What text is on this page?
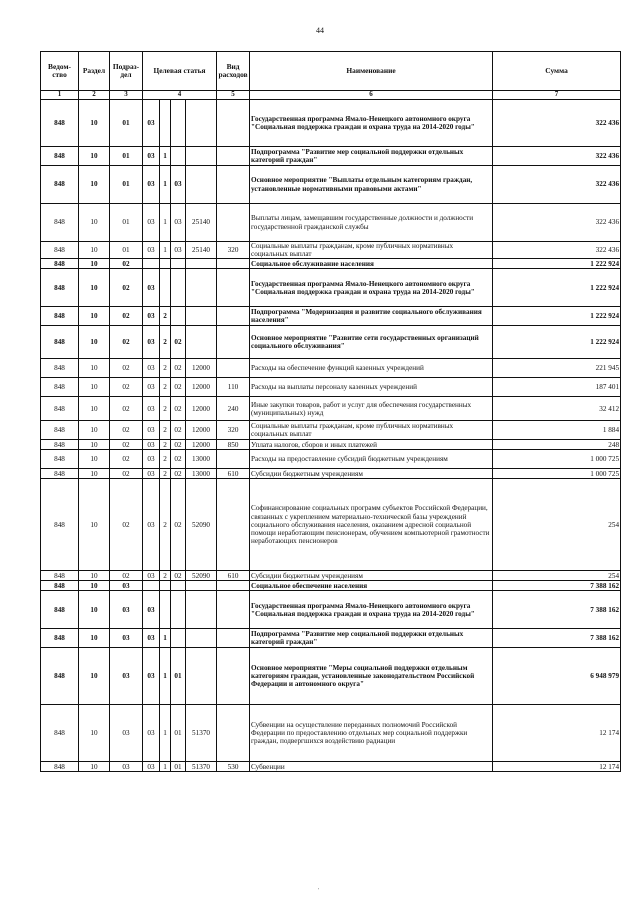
44
Ведом-ство	Раздел	Подраз-дел	Целевая статья				Вид расходов	Наименование	Сумма
1	2	3	4				5	6	7
848	10	01	03					Государственная программа Ямало-Ненецкого автономного округа "Социальная поддержка граждан и охрана труда на 2014-2020 годы"	322 436
848	10	01	03	1				Подпрограмма "Развитие мер социальной поддержки отдельных категорий граждан"	322 436
848	10	01	03	1	03			Основное мероприятие "Выплаты отдельным категориям граждан, установленные нормативными правовыми актами"	322 436
848	10	01	03	1	03	25140		Выплаты лицам, замещавшим государственные должности и должности государственной гражданской службы	322 436
848	10	01	03	1	03	25140	320	Социальные выплаты гражданам, кроме публичных нормативных социальных выплат	322 436
848	10	02						Социальное обслуживание населения	1 222 924
848	10	02	03					Государственная программа Ямало-Ненецкого автономного округа "Социальная поддержка граждан и охрана труда на 2014-2020 годы"	1 222 924
848	10	02	03	2				Подпрограмма "Модернизация и развитие социального обслуживания населения"	1 222 924
848	10	02	03	2	02			Основное мероприятие "Развитие сети государственных организаций социального обслуживания"	1 222 924
848	10	02	03	2	02	12000		Расходы на обеспечение функций казенных учреждений	221 945
848	10	02	03	2	02	12000	110	Расходы на выплаты персоналу казенных учреждений	187 401
848	10	02	03	2	02	12000	240	Иные закупки товаров, работ и услуг для обеспечения государственных (муниципальных) нужд	32 412
848	10	02	03	2	02	12000	320	Социальные выплаты гражданам, кроме публичных нормативных социальных выплат	1 884
848	10	02	03	2	02	12000	850	Уплата налогов, сборов и иных платежей	248
848	10	02	03	2	02	13000		Расходы на предоставление субсидий бюджетным учреждениям	1 000 725
848	10	02	03	2	02	13000	610	Субсидии бюджетным учреждениям	1 000 725
848	10	02	03	2	02	52090		Софинансирование социальных программ субъектов Российской Федерации, связанных с укреплением материально-технической базы учреждений социального обслуживания населения, оказанием адресной социальной помощи неработающим пенсионерам, обучением компьютерной грамотности неработающих пенсионеров	254
848	10	02	03	2	02	52090	610	Субсидии бюджетным учреждениям	254
848	10	03						Социальное обеспечение населения	7 388 162
848	10	03	03					Государственная программа Ямало-Ненецкого автономного округа "Социальная поддержка граждан и охрана труда на 2014-2020 годы"	7 388 162
848	10	03	03	1				Подпрограмма "Развитие мер социальной поддержки отдельных категорий граждан"	7 388 162
848	10	03	03	1	01			Основное мероприятие "Меры социальной поддержки отдельным категориям граждан, установленные законодательством Российской Федерации и автономного округа"	6 948 979
848	10	03	03	1	01	51370		Субвенции на осуществление переданных полномочий Российской Федерации по предоставлению отдельных мер социальной поддержки граждан, подвергшихся воздействию радиации	12 174
848	10	03	03	1	01	51370	530	Субвенции	12 174
'
